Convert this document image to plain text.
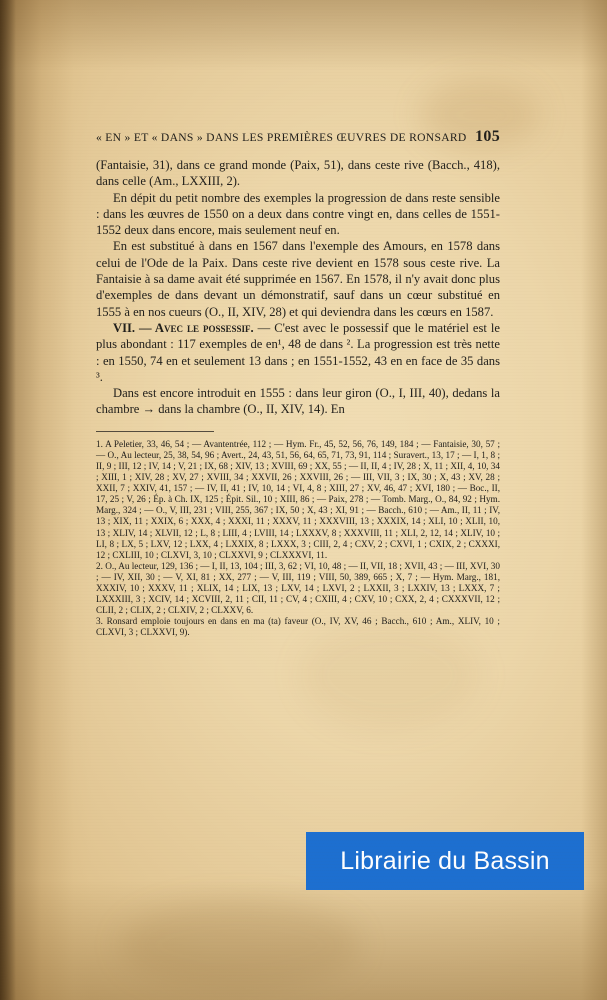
« EN » ET « DANS » DANS LES PREMIÈRES ŒUVRES DE RONSARD 105

(Fantaisie, 31), dans ce grand monde (Paix, 51), dans ceste rive (Bacch., 418), dans celle (Am., LXXIII, 2).

En dépit du petit nombre des exemples la progression de dans reste sensible : dans les œuvres de 1550 on a deux dans contre vingt en, dans celles de 1551-1552 deux dans encore, mais seulement neuf en.

En est substitué à dans en 1567 dans l'exemple des Amours, en 1578 dans celui de l'Ode de la Paix. Dans ceste rive devient en 1578 sous ceste rive. La Fantaisie à sa dame avait été supprimée en 1567. En 1578, il n'y avait donc plus d'exemples de dans devant un démonstratif, sauf dans un cœur substitué en 1555 à en nos cueurs (O., II, XIV, 28) et qui deviendra dans les cœurs en 1587.

VII. — Avec le possessif. — C'est avec le possessif que le matériel est le plus abondant : 117 exemples de en¹, 48 de dans ². La progression est très nette : en 1550, 74 en et seulement 13 dans ; en 1551-1552, 43 en en face de 35 dans ³.

Dans est encore introduit en 1555 : dans leur giron (O., I, III, 40), dedans la chambre → dans la chambre (O., II, XIV, 14). En

1. A Peletier, 33, 46, 54 ; — Avantentrée, 112 ; — Hym. Fr., 45, 52, 56, 76, 149, 184 ; — Fantaisie, 30, 57 ; — O., Au lecteur, 25, 38, 54, 96 ; Avert., 24, 43, 51, 56, 64, 65, 71, 73, 91, 114 ; Suravert., 13, 17 ; — I, 1, 8 ; II, 9 ; III, 12 ; IV, 14 ; V, 21 ; IX, 68 ; XIV, 13 ; XVIII, 69 ; XX, 55 ; — II, II, 4 ; IV, 28 ; X, 11 ; XII, 4, 10, 34 ; XIII, 1 ; XIV, 28 ; XV, 27 ; XVIII, 34 ; XXVII, 26 ; XXVIII, 26 ; — III, VII, 3 ; IX, 30 ; X, 43 ; XV, 28 ; XXII, 7 ; XXIV, 41, 157 ; — IV, II, 41 ; IV, 10, 14 ; VI, 4, 8 ; XIII, 27 ; XV, 46, 47 ; XVI, 180 ; — Boc., II, 17, 25 ; V, 26 ; Ép. à Ch. IX, 125 ; Épit. Sil., 10 ; XIII, 86 ; — Paix, 278 ; — Tomb. Marg., O., 84, 92 ; Hym. Marg., 324 ; — O., V, III, 231 ; VIII, 255, 367 ; IX, 50 ; X, 43 ; XI, 91 ; — Bacch., 610 ; — Am., II, 11 ; IV, 13 ; XIX, 11 ; XXIX, 6 ; XXX, 4 ; XXXI, 11 ; XXXV, 11 ; XXXVIII, 13 ; XXXIX, 14 ; XLI, 10 ; XLII, 10, 13 ; XLIV, 14 ; XLVII, 12 ; L, 8 ; LIII, 4 ; LVIII, 14 ; LXXXV, 8 ; XXXVIII, 11 ; XLI, 2, 12, 14 ; XLIV, 10 ; LI, 8 ; LX, 5 ; LXV, 12 ; LXX, 4 ; LXXIX, 8 ; LXXX, 3 ; CIII, 2, 4 ; CXV, 2 ; CXVI, 1 ; CXIX, 2 ; CXXXI, 12 ; CXLIII, 10 ; CLXVI, 3, 10 ; CLXXVI, 9 ; CLXXXVI, 11.

2. O., Au lecteur, 129, 136 ; — I, II, 13, 104 ; III, 3, 62 ; VI, 10, 48 ; — II, VII, 18 ; XVII, 43 ; — III, XVI, 30 ; — IV, XII, 30 ; — V, XI, 81 ; XX, 277 ; — V, III, 119 ; VIII, 50, 389, 665 ; X, 7 ; — Hym. Marg., 181, XXXIV, 10 ; XXXV, 11 ; XLIX, 14 ; LIX, 13 ; LXV, 14 ; LXVI, 2 ; LXXII, 3 ; LXXIV, 13 ; LXXX, 7 ; LXXXIII, 3 ; XCIV, 14 ; XCVIII, 2, 11 ; CII, 11 ; CV, 4 ; CXIII, 4 ; CXV, 10 ; CXX, 2, 4 ; CXXXVII, 12 ; CLII, 2 ; CLIX, 2 ; CLXIV, 2 ; CLXXV, 6.

3. Ronsard emploie toujours en dans en ma (ta) faveur (O., IV, XV, 46 ; Bacch., 610 ; Am., XLIV, 10 ; CLXVI, 3 ; CLXXVI, 9).

Librairie du Bassin
